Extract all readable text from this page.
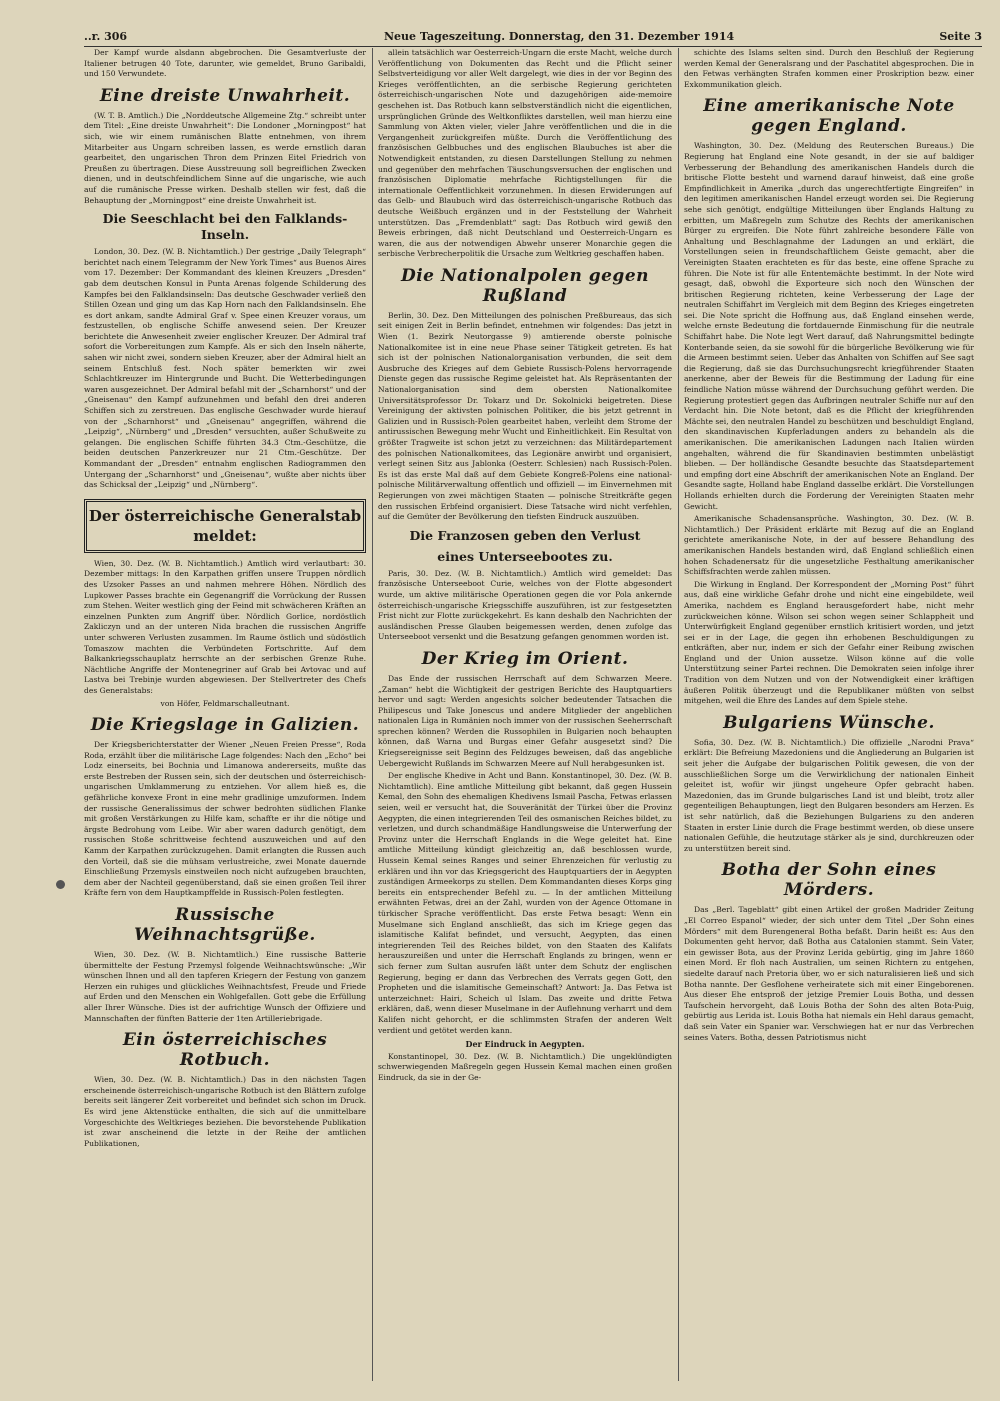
..r. 306	Neue Tageszeitung. Donnerstag, den 31. Dezember 1914	Seite 3

Der Kampf wurde alsdann abgebrochen. Die Gesamtverluste der Italiener betrugen 40 Tote, darunter, wie gemeldet, Bruno Garibaldi, und 150 Verwundete.

Eine dreiste Unwahrheit.

(W. T. B. Amtlich.) Die „Norddeutsche Allgemeine Ztg.“ schreibt unter dem Titel: „Eine dreiste Unwahrheit“: Die Londoner „Morningpost“ hat sich, wie wir einem rumänischen Blatte entnehmen, von ihrem Mitarbeiter aus Ungarn schreiben lassen, es werde ernstlich daran gearbeitet, den ungarischen Thron dem Prinzen Eitel Friedrich von Preußen zu übertragen. Diese Ausstreuung soll begreiflichen Zwecken dienen, und in deutschfeindlichem Sinne auf die ungarische, wie auch auf die rumänische Presse wirken. Deshalb stellen wir fest, daß die Behauptung der „Morningpost“ eine dreiste Unwahrheit ist.

Die Seeschlacht bei den Falklands-Inseln.

London, 30. Dez. (W. B. Nichtamtlich.) Der gestrige „Daily Telegraph“ berichtet nach einem Telegramm der New York Times“ aus Buenos Aires vom 17. Dezember: Der Kommandant des kleinen Kreuzers „Dresden“ gab dem deutschen Konsul in Punta Arenas folgende Schilderung des Kampfes bei den Falklandsinseln: Das deutsche Geschwader verließ den Stillen Ozean und ging um das Kap Horn nach den Falklandsinseln. Ehe es dort ankam, sandte Admiral Graf v. Spee einen Kreuzer voraus, um festzustellen, ob englische Schiffe anwesend seien. Der Kreuzer berichtete die Anwesenheit zweier englischer Kreuzer. Der Admiral traf sofort die Vorbereitungen zum Kampfe. Als er sich den Inseln näherte, sahen wir nicht zwei, sondern sieben Kreuzer, aber der Admiral hielt an seinem Entschluß fest. Noch später bemerkten wir zwei Schlachtkreuzer im Hintergrunde und Bucht. Die Wetterbedingungen waren ausgezeichnet. Der Admiral befahl mit der „Scharnhorst“ und der „Gneisenau“ den Kampf aufzunehmen und befahl den drei anderen Schiffen sich zu zerstreuen. Das englische Geschwader wurde hierauf von der „Scharnhorst“ und „Gneisenau“ angegriffen, während die „Leipzig“, „Nürnberg“ und „Dresden“ versuchten, außer Schußweite zu gelangen. Die englischen Schiffe führten 34.3 Ctm.-Geschütze, die beiden deutschen Panzerkreuzer nur 21 Ctm.-Geschütze. Der Kommandant der „Dresden“ entnahm englischen Radiogrammen den Untergang der „Scharnhorst“ und „Gneisenau“, wußte aber nichts über das Schicksal der „Leipzig“ und „Nürnberg“.

Der österreichische Generalstab meldet:

Wien, 30. Dez. (W. B. Nichtamtlich.) Amtlich wird verlautbart: 30. Dezember mittags: In den Karpathen griffen unsere Truppen nördlich des Uzsoker Passes an und nahmen mehrere Höhen. Nördlich des Lupkower Passes brachte ein Gegenangriff die Vorrückung der Russen zum Stehen. Weiter westlich ging der Feind mit schwächeren Kräften an einzelnen Punkten zum Angriff über. Nördlich Gorlice, nordöstlich Zakliczyn und an der unteren Nida brachen die russischen Angriffe unter schweren Verlusten zusammen. Im Raume östlich und südöstlich Tomaszow machten die Verbündeten Fortschritte. Auf dem Balkankriegsschauplatz herrschte an der serbischen Grenze Ruhe. Nächtliche Angriffe der Montenegriner auf Grab bei Avtovac und auf Lastva bei Trebinje wurden abgewiesen. Der Stellvertreter des Chefs des Generalstabs:

von Höfer, Feldmarschalleutnant.
Die Kriegslage in Galizien.

Der Kriegsberichterstatter der Wiener „Neuen Freien Presse“, Roda Roda, erzählt über die militärische Lage folgendes: Nach den „Echo“ bei Lodz einerseits, bei Bochnia und Limanowa andererseits, mußte das erste Bestreben der Russen sein, sich der deutschen und österreichisch-ungarischen Umklammerung zu entziehen. Vor allem hieß es, die gefährliche konvexe Front in eine mehr gradlinige umzuformen. Indem der russische Generalissimus der schwer bedrohten südlichen Flanke mit großen Verstärkungen zu Hilfe kam, schaffte er ihr die nötige und ärgste Bedrohung vom Leibe. Wir aber waren dadurch genötigt, dem russischen Stoße schrittweise fechtend auszuweichen und auf den Kamm der Karpathen zurückzugehen. Damit erlangten die Russen auch den Vorteil, daß sie die mühsam verlustreiche, zwei Monate dauernde Einschließung Przemysls einstweilen noch nicht aufzugeben brauchten, dem aber der Nachteil gegenüberstand, daß sie einen großen Teil ihrer Kräfte fern von dem Hauptkampffelde in Russisch-Polen festlegten.

Russische Weihnachtsgrüße.

Wien, 30. Dez. (W. B. Nichtamtlich.) Eine russische Batterie übermittelte der Festung Przemysl folgende Weihnachtswünsche: „Wir wünschen Ihnen und all den tapferen Kriegern der Festung von ganzem Herzen ein ruhiges und glückliches Weihnachtsfest, Freude und Friede auf Erden und den Menschen ein Wohlgefallen. Gott gebe die Erfüllung aller Ihrer Wünsche. Dies ist der aufrichtige Wunsch der Offiziere und Mannschaften der fünften Batterie der 1ten Artilleriebrigade.

Ein österreichisches Rotbuch.

Wien, 30. Dez. (W. B. Nichtamtlich.) Das in den nächsten Tagen erscheinende österreichisch-ungarische Rotbuch ist den Blättern zufolge bereits seit längerer Zeit vorbereitet und befindet sich schon im Druck. Es wird jene Aktenstücke enthalten, die sich auf die unmittelbare Vorgeschichte des Weltkrieges beziehen. Die bevorstehende Publikation ist zwar anscheinend die letzte in der Reihe der amtlichen Publikationen,

allein tatsächlich war Oesterreich-Ungarn die erste Macht, welche durch Veröffentlichung von Dokumenten das Recht und die Pflicht seiner Selbstverteidigung vor aller Welt dargelegt, wie dies in der vor Beginn des Krieges veröffentlichten, an die serbische Regierung gerichteten österreichisch-ungarischen Note und dazugehörigen aide-memoire geschehen ist. Das Rotbuch kann selbstverständlich nicht die eigentlichen, ursprünglichen Gründe des Weltkonfliktes darstellen, weil man hierzu eine Sammlung von Akten vieler, vieler Jahre veröffentlichen und die in die Vergangenheit zurückgreifen müßte. Durch die Veröffentlichung des französischen Gelbbuches und des englischen Blaubuches ist aber die Notwendigkeit entstanden, zu diesen Darstellungen Stellung zu nehmen und gegenüber den mehrfachen Täuschungsversuchen der englischen und französischen Diplomatie mehrfache Richtigstellungen für die internationale Oeffentlichkeit vorzunehmen. In diesen Erwiderungen auf das Gelb- und Blaubuch wird das österreichisch-ungarische Rotbuch das deutsche Weißbuch ergänzen und in der Feststellung der Wahrheit unterstützen. Das „Fremdenblatt“ sagt: Das Rotbuch wird gewiß den Beweis erbringen, daß nicht Deutschland und Oesterreich-Ungarn es waren, die aus der notwendigen Abwehr unserer Monarchie gegen die serbische Verbrecherpolitik die Ursache zum Weltkrieg geschaffen haben.

Die Nationalpolen gegen Rußland

Berlin, 30. Dez. Den Mitteilungen des polnischen Preßbureaus, das sich seit einigen Zeit in Berlin befindet, entnehmen wir folgendes: Das jetzt in Wien (1. Bezirk Neutorgasse 9) amtierende oberste polnische Nationalkomitee ist in eine neue Phase seiner Tätigkeit getreten. Es hat sich ist der polnischen Nationalorganisation verbunden, die seit dem Ausbruche des Krieges auf dem Gebiete Russisch-Polens hervorragende Dienste gegen das russische Regime geleistet hat. Als Repräsentanten der Nationalorganisation sind dem obersten Nationalkomitee Universitätsprofessor Dr. Tokarz und Dr. Sokolnicki beigetreten. Diese Vereinigung der aktivsten polnischen Politiker, die bis jetzt getrennt in Galizien und in Russisch-Polen gearbeitet haben, verleiht dem Strome der antirussischen Bewegung mehr Wucht und Einheitlichkeit. Ein Resultat von größter Tragweite ist schon jetzt zu verzeichnen: das Militärdepartement des polnischen Nationalkomitees, das Legionäre anwirbt und organisiert, verlegt seinen Sitz aus Jablonka (Oesterr. Schlesien) nach Russisch-Polen. Es ist das erste Mal daß auf dem Gebiete Kongreß-Polens eine national-polnische Militärverwaltung offentlich und offiziell — im Einvernehmen mit Regierungen von zwei mächtigen Staaten — polnische Streitkräfte gegen den russischen Erbfeind organisiert. Diese Tatsache wird nicht verfehlen, auf die Gemüter der Bevölkerung den tiefsten Eindruck auszuüben.

Die Franzosen geben den Verlust
eines Unterseebootes zu.

Paris, 30. Dez. (W. B. Nichtamtlich.) Amtlich wird gemeldet: Das französische Unterseeboot Curie, welches von der Flotte abgesondert wurde, um aktive militärische Operationen gegen die vor Pola ankernde österreichisch-ungarische Kriegsschiffe auszuführen, ist zur festgesetzten Frist nicht zur Flotte zurückgekehrt. Es kann deshalb den Nachrichten der ausländischen Presse Glauben beigemessen werden, denen zufolge das Unterseeboot versenkt und die Besatzung gefangen genommen worden ist.

Der Krieg im Orient.

Das Ende der russischen Herrschaft auf dem Schwarzen Meere. „Zaman“ hebt die Wichtigkeit der gestrigen Berichte des Hauptquartiers hervor und sagt: Werden angesichts solcher bedeutender Tatsachen die Philipescus und Take Jonescus und andere Mitglieder der angeblichen nationalen Liga in Rumänien noch immer von der russischen Seeherrschaft sprechen können? Werden die Russophilen in Bulgarien noch behaupten können, daß Warna und Burgas einer Gefahr ausgesetzt sind? Die Kriegsereignisse seit Beginn des Feldzuges beweisen, daß das angebliche Uebergewicht Rußlands im Schwarzen Meere auf Null herabgesunken ist.

Der englische Khedive in Acht und Bann. Konstantinopel, 30. Dez. (W. B. Nichtamtlich). Eine amtliche Mitteilung gibt bekannt, daß gegen Hussein Kemal, den Sohn des ehemaligen Khedivens Ismail Pascha, Fetwas erlassen seien, weil er versucht hat, die Souveränität der Türkei über die Provinz Aegypten, die einen integrierenden Teil des osmanischen Reiches bildet, zu verletzen, und durch schandmäßige Handlungsweise die Unterwerfung der Provinz unter die Herrschaft Englands in die Wege geleitet hat. Eine amtliche Mitteilung kündigt gleichzeitig an, daß beschlossen wurde, Hussein Kemal seines Ranges und seiner Ehrenzeichen für verlustig zu erklären und ihn vor das Kriegsgericht des Hauptquartiers der in Aegypten zuständigen Armeekorps zu stellen. Dem Kommandanten dieses Korps ging bereits ein entsprechender Befehl zu. — In der amtlichen Mitteilung erwähnten Fetwas, drei an der Zahl, wurden von der Agence Ottomane in türkischer Sprache veröffentlicht. Das erste Fetwa besagt: Wenn ein Muselmane sich England anschließt, das sich im Kriege gegen das islamitische Kalifat befindet, und versucht, Aegypten, das einen integrierenden Teil des Reiches bildet, von den Staaten des Kalifats herauszureißen und unter die Herrschaft Englands zu bringen, wenn er sich ferner zum Sultan ausrufen läßt unter dem Schutz der englischen Regierung, beging er dann das Verbrechen des Verrats gegen Gott, den Propheten und die islamitische Gemeinschaft? Antwort: Ja. Das Fetwa ist unterzeichnet: Hairi, Scheich ul Islam. Das zweite und dritte Fetwa erklären, daß, wenn dieser Muselmane in der Auflehnung verharrt und dem Kalifen nicht gehorcht, er die schlimmsten Strafen der anderen Welt verdient und getötet werden kann.

Der Eindruck in Aegypten.

Konstantinopel, 30. Dez. (W. B. Nichtamtlich.) Die ungeklündigten schwerwiegenden Maßregeln gegen Hussein Kemal machen einen großen Eindruck, da sie in der Ge-

schichte des Islams selten sind. Durch den Beschluß der Regierung werden Kemal der Generalsrang und der Paschatitel abgesprochen. Die in den Fetwas verhängten Strafen kommen einer Proskription bezw. einer Exkommunikation gleich.

Eine amerikanische Note gegen England.

Washington, 30. Dez. (Meldung des Reuterschen Bureaus.) Die Regierung hat England eine Note gesandt, in der sie auf baldiger Verbesserung der Behandlung des amerikanischen Handels durch die britische Flotte besteht und warnend darauf hinweist, daß eine große Empfindlichkeit in Amerika „durch das ungerechtfertigte Eingreifen“ in den legitimen amerikanischen Handel erzeugt worden sei. Die Regierung sehe sich genötigt, endgültige Mitteilungen über Englands Haltung zu erbitten, um Maßregeln zum Schutze des Rechts der amerikanischen Bürger zu ergreifen. Die Note führt zahlreiche besondere Fälle von Anhaltung und Beschlagnahme der Ladungen an und erklärt, die Vorstellungen seien in freundschaftlichem Geiste gemacht, aber die Vereinigten Staaten erachteten es für das beste, eine offene Sprache zu führen. Die Note ist für alle Ententemächte bestimmt. In der Note wird gesagt, daß, obwohl die Exporteure sich noch den Wünschen der britischen Regierung richteten, keine Verbesserung der Lage der neutralen Schiffahrt im Vergleich mit dem Beginn des Krieges eingetreten sei. Die Note spricht die Hoffnung aus, daß England einsehen werde, welche ernste Bedeutung die fortdauernde Einmischung für die neutrale Schiffahrt habe. Die Note legt Wert darauf, daß Nahrungsmittel bedingte Konterbande seien, da sie sowohl für die bürgerliche Bevölkerung wie für die Armeen bestimmt seien. Ueber das Anhalten von Schiffen auf See sagt die Regierung, daß sie das Durchsuchungsrecht kriegführender Staaten anerkenne, aber der Beweis für die Bestimmung der Ladung für eine feindliche Nation müsse während der Durchsuchung geführt werden. Die Regierung protestiert gegen das Aufbringen neutraler Schiffe nur auf den Verdacht hin. Die Note betont, daß es die Pflicht der kriegführenden Mächte sei, den neutralen Handel zu beschützen und beschuldigt England, den skandinavischen Kupferladungen anders zu behandeln als die amerikanischen. Die amerikanischen Ladungen nach Italien würden angehalten, während die für Skandinavien bestimmten unbelästigt blieben. — Der holländische Gesandte besuchte das Staatsdepartement und empfing dort eine Abschrift der amerikanischen Note an England. Der Gesandte sagte, Holland habe England dasselbe erklärt. Die Vorstellungen Hollands erhielten durch die Forderung der Vereinigten Staaten mehr Gewicht.

Amerikanische Schadensansprüche. Washington, 30. Dez. (W. B. Nichtamtlich.) Der Präsident erklärte mit Bezug auf die an England gerichtete amerikanische Note, in der auf bessere Behandlung des amerikanischen Handels bestanden wird, daß England schließlich einen hohen Schadenersatz für die ungesetzliche Festhaltung amerikanischer Schiffsfrachten werde zahlen müssen.

Die Wirkung in England. Der Korrespondent der „Morning Post“ führt aus, daß eine wirkliche Gefahr drohe und nicht eine eingebildete, weil Amerika, nachdem es England herausgefordert habe, nicht mehr zurückweichen könne. Wilson sei schon wegen seiner Schlappheit und Unterwürfigkeit England gegenüber ernstlich kritisiert worden, und jetzt sei er in der Lage, die gegen ihn erhobenen Beschuldigungen zu entkräften, aber nur, indem er sich der Gefahr einer Reibung zwischen England und der Union aussetze. Wilson könne auf die volle Unterstützung seiner Partei rechnen. Die Demokraten seien infolge ihrer Tradition von dem Nutzen und von der Notwendigkeit einer kräftigen äußeren Politik überzeugt und die Republikaner müßten von selbst mitgehen, weil die Ehre des Landes auf dem Spiele stehe.

Bulgariens Wünsche.

Sofia, 30. Dez. (W. B. Nichtamtlich.) Die offizielle „Narodni Prava“ erklärt: Die Befreiung Mazedoniens und die Angliederung an Bulgarien ist seit jeher die Aufgabe der bulgarischen Politik gewesen, die von der ausschließlichen Sorge um die Verwirklichung der nationalen Einheit geleitet ist, wofür wir jüngst ungeheure Opfer gebracht haben. Mazedonien, das im Grunde bulgarisches Land ist und bleibt, trotz aller gegenteiligen Behauptungen, liegt den Bulgaren besonders am Herzen. Es ist sehr natürlich, daß die Beziehungen Bulgariens zu den anderen Staaten in erster Linie durch die Frage bestimmt werden, ob diese unsere nationalen Gefühle, die heutzutage stärker als je sind, durchkreuzen oder zu unterstützen bereit sind.

Botha der Sohn eines Mörders.

Das „Berl. Tageblatt“ gibt einen Artikel der großen Madrider Zeitung „El Correo Espanol“ wieder, der sich unter dem Titel „Der Sohn eines Mörders“ mit dem Burengeneral Botha befaßt. Darin heißt es: Aus den Dokumenten geht hervor, daß Botha aus Catalonien stammt. Sein Vater, ein gewisser Bota, aus der Provinz Lerida gebürtig, ging im Jahre 1860 einen Mord. Er floh nach Australien, um seinen Richtern zu entgehen, siedelte darauf nach Pretoria über, wo er sich naturalisieren ließ und sich Botha nannte. Der Gesflohene verheiratete sich mit einer Eingeborenen. Aus dieser Ehe entsproß der jetzige Premier Louis Botha, und dessen Taufschein hervorgeht, daß Louis Botha der Sohn des alten Bota-Puig, gebürtig aus Lerida ist. Louis Botha hat niemals ein Hehl daraus gemacht, daß sein Vater ein Spanier war. Verschwiegen hat er nur das Verbrechen seines Vaters. Botha, dessen Patriotismus nicht
